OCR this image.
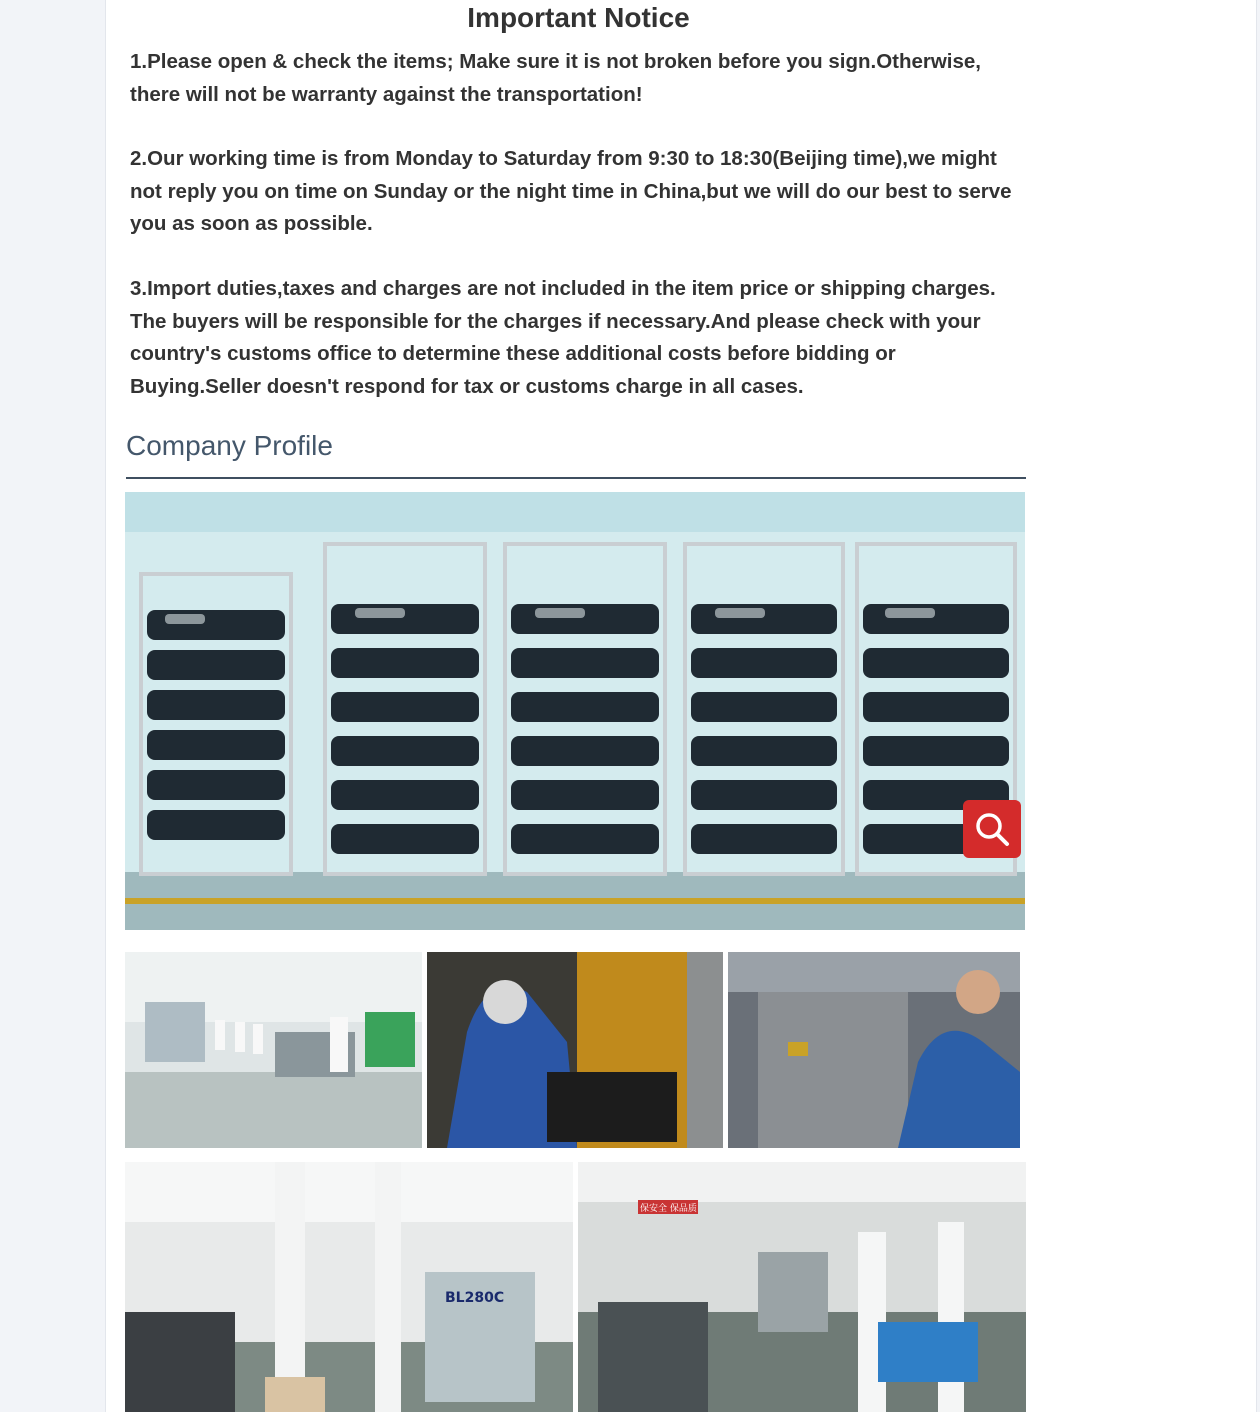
Important Notice
1.Please open & check the items; Make sure it is not broken before you sign.Otherwise, there will not be warranty against the transportation!
2.Our working time is from Monday to Saturday from 9:30 to 18:30(Beijing time),we might not reply you on time on Sunday or the night time in China,but we will do our best to serve you as soon as possible.
3.Import duties,taxes and charges are not included in the item price or shipping charges. The buyers will be responsible for the charges if necessary.And please check with your country's customs office to determine these additional costs before bidding or Buying.Seller doesn't respond for tax or customs charge in all cases.
Company Profile
BL280C
保安全 保品质
